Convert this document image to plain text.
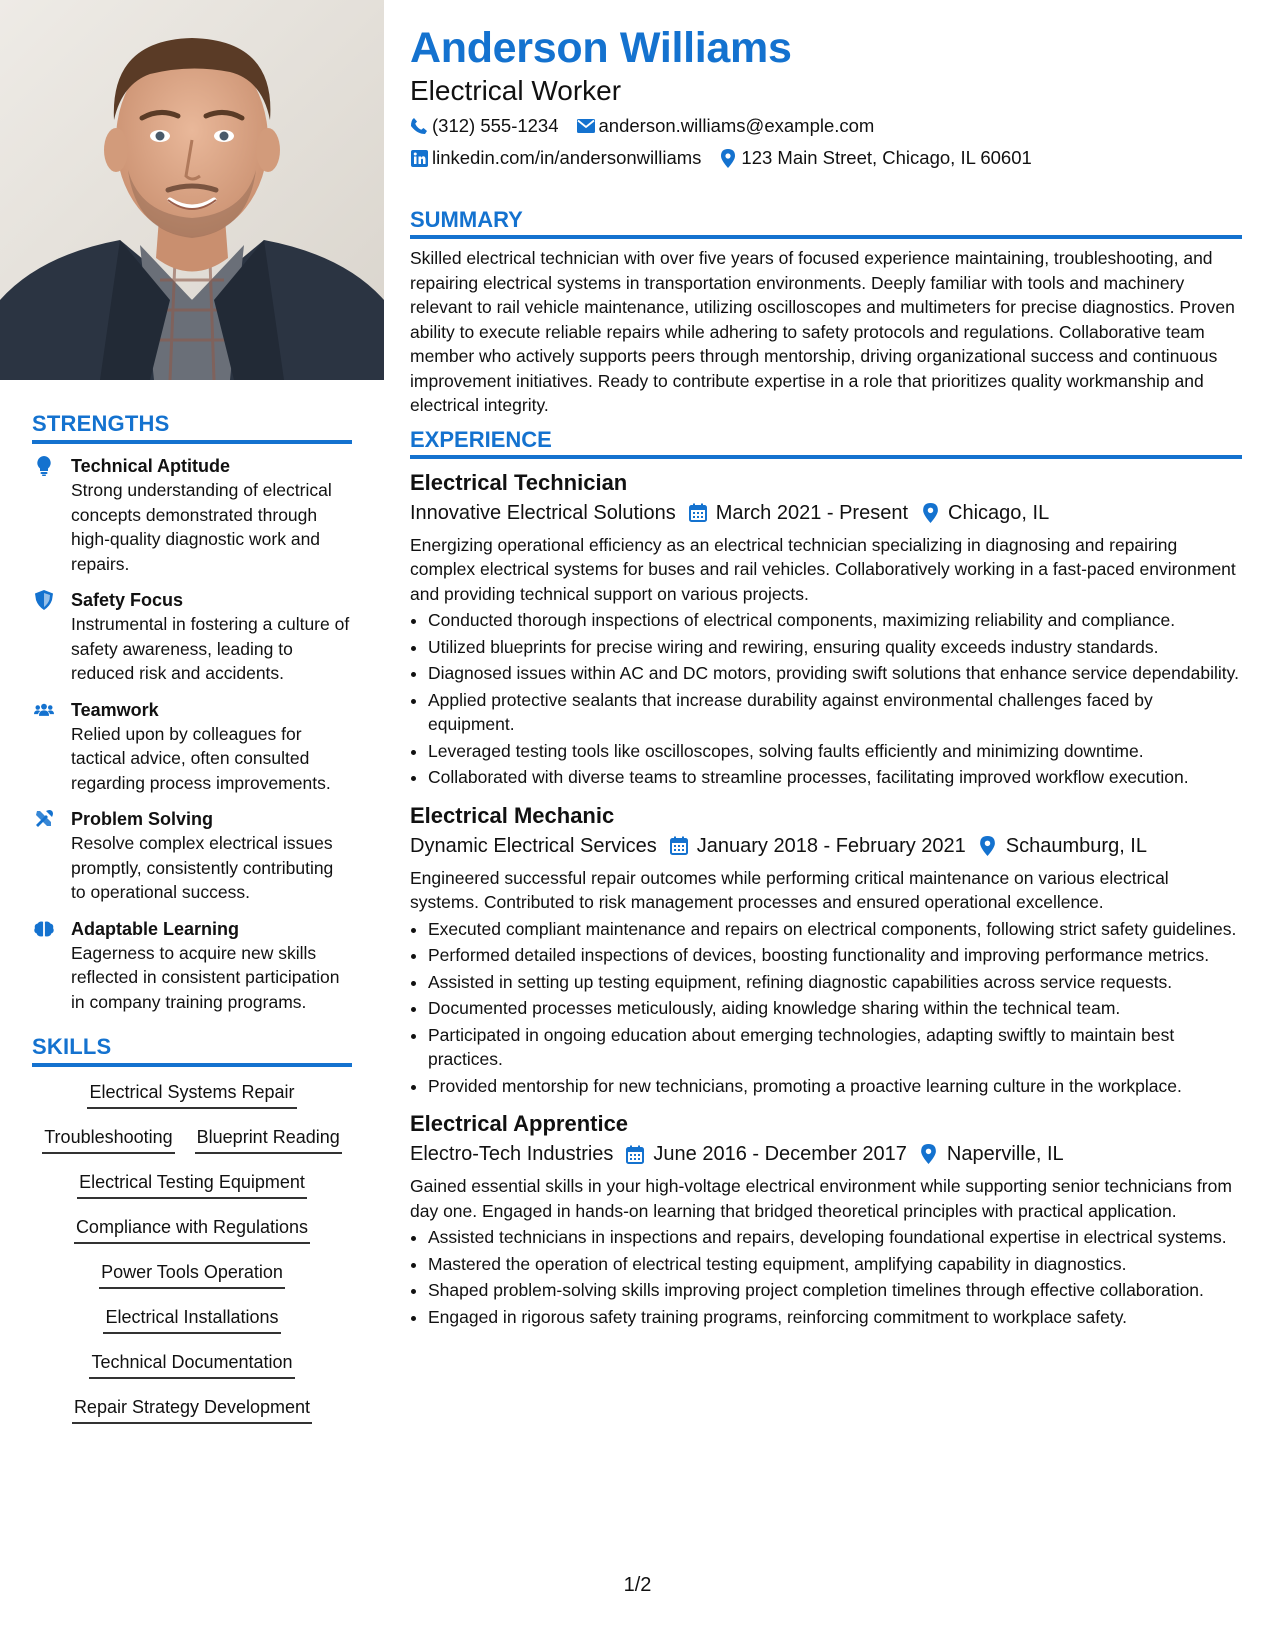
STRENGTHS
Technical Aptitude
Strong understanding of electrical concepts demonstrated through high-quality diagnostic work and repairs.
Safety Focus
Instrumental in fostering a culture of safety awareness, leading to reduced risk and accidents.
Teamwork
Relied upon by colleagues for tactical advice, often consulted regarding process improvements.
Problem Solving
Resolve complex electrical issues promptly, consistently contributing to operational success.
Adaptable Learning
Eagerness to acquire new skills reflected in consistent participation in company training programs.
SKILLS
Electrical Systems Repair
Troubleshooting Blueprint Reading
Electrical Testing Equipment
Compliance with Regulations
Power Tools Operation
Electrical Installations
Technical Documentation
Repair Strategy Development
Anderson Williams
Electrical Worker
(312) 555-1234 anderson.williams@example.com
linkedin.com/in/andersonwilliams 123 Main Street, Chicago, IL 60601
SUMMARY
Skilled electrical technician with over five years of focused experience maintaining, troubleshooting, and repairing electrical systems in transportation environments. Deeply familiar with tools and machinery relevant to rail vehicle maintenance, utilizing oscilloscopes and multimeters for precise diagnostics. Proven ability to execute reliable repairs while adhering to safety protocols and regulations. Collaborative team member who actively supports peers through mentorship, driving organizational success and continuous improvement initiatives. Ready to contribute expertise in a role that prioritizes quality workmanship and electrical integrity.
EXPERIENCE
Electrical Technician
Innovative Electrical Solutions March 2021 - Present Chicago, IL
Energizing operational efficiency as an electrical technician specializing in diagnosing and repairing complex electrical systems for buses and rail vehicles. Collaboratively working in a fast-paced environment and providing technical support on various projects.
• Conducted thorough inspections of electrical components, maximizing reliability and compliance.
• Utilized blueprints for precise wiring and rewiring, ensuring quality exceeds industry standards.
• Diagnosed issues within AC and DC motors, providing swift solutions that enhance service dependability.
• Applied protective sealants that increase durability against environmental challenges faced by equipment.
• Leveraged testing tools like oscilloscopes, solving faults efficiently and minimizing downtime.
• Collaborated with diverse teams to streamline processes, facilitating improved workflow execution.
Electrical Mechanic
Dynamic Electrical Services January 2018 - February 2021 Schaumburg, IL
Engineered successful repair outcomes while performing critical maintenance on various electrical systems. Contributed to risk management processes and ensured operational excellence.
• Executed compliant maintenance and repairs on electrical components, following strict safety guidelines.
• Performed detailed inspections of devices, boosting functionality and improving performance metrics.
• Assisted in setting up testing equipment, refining diagnostic capabilities across service requests.
• Documented processes meticulously, aiding knowledge sharing within the technical team.
• Participated in ongoing education about emerging technologies, adapting swiftly to maintain best practices.
• Provided mentorship for new technicians, promoting a proactive learning culture in the workplace.
Electrical Apprentice
Electro-Tech Industries June 2016 - December 2017 Naperville, IL
Gained essential skills in your high-voltage electrical environment while supporting senior technicians from day one. Engaged in hands-on learning that bridged theoretical principles with practical application.
• Assisted technicians in inspections and repairs, developing foundational expertise in electrical systems.
• Mastered the operation of electrical testing equipment, amplifying capability in diagnostics.
• Shaped problem-solving skills improving project completion timelines through effective collaboration.
• Engaged in rigorous safety training programs, reinforcing commitment to workplace safety.
1/2
